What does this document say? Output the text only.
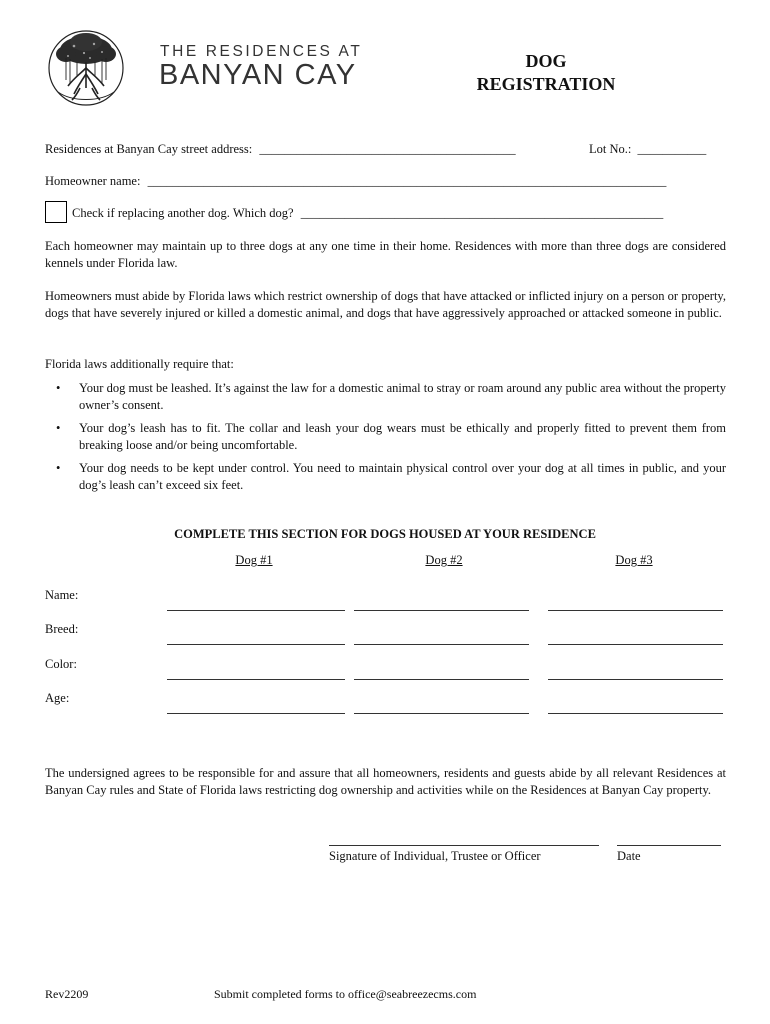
THE RESIDENCES AT
BANYAN CAY	DOG
REGISTRATION
Residences at Banyan Cay street address: _________________________________________	Lot No.: ___________
Homeowner name: ___________________________________________________________________________________
Check if replacing another dog. Which dog? __________________________________________________________
Each homeowner may maintain up to three dogs at any one time in their home. Residences with more than three dogs are considered kennels under Florida law.
Homeowners must abide by Florida laws which restrict ownership of dogs that have attacked or inflicted injury on a person or property, dogs that have severely injured or killed a domestic animal, and dogs that have aggressively approached or attacked someone in public.
Florida laws additionally require that:
• Your dog must be leashed. It’s against the law for a domestic animal to stray or roam around any public area without the property owner’s consent.
• Your dog’s leash has to fit. The collar and leash your dog wears must be ethically and properly fitted to prevent them from breaking loose and/or being uncomfortable.
• Your dog needs to be kept under control. You need to maintain physical control over your dog at all times in public, and your dog’s leash can’t exceed six feet.
COMPLETE THIS SECTION FOR DOGS HOUSED AT YOUR RESIDENCE
Dog #1	Dog #2	Dog #3
Name:
Breed:
Color:
Age:
The undersigned agrees to be responsible for and assure that all homeowners, residents and guests abide by all relevant Residences at Banyan Cay rules and State of Florida laws restricting dog ownership and activities while on the Residences at Banyan Cay property.
Signature of Individual, Trustee or Officer	Date
Rev2209	Submit completed forms to office@seabreezecms.com
